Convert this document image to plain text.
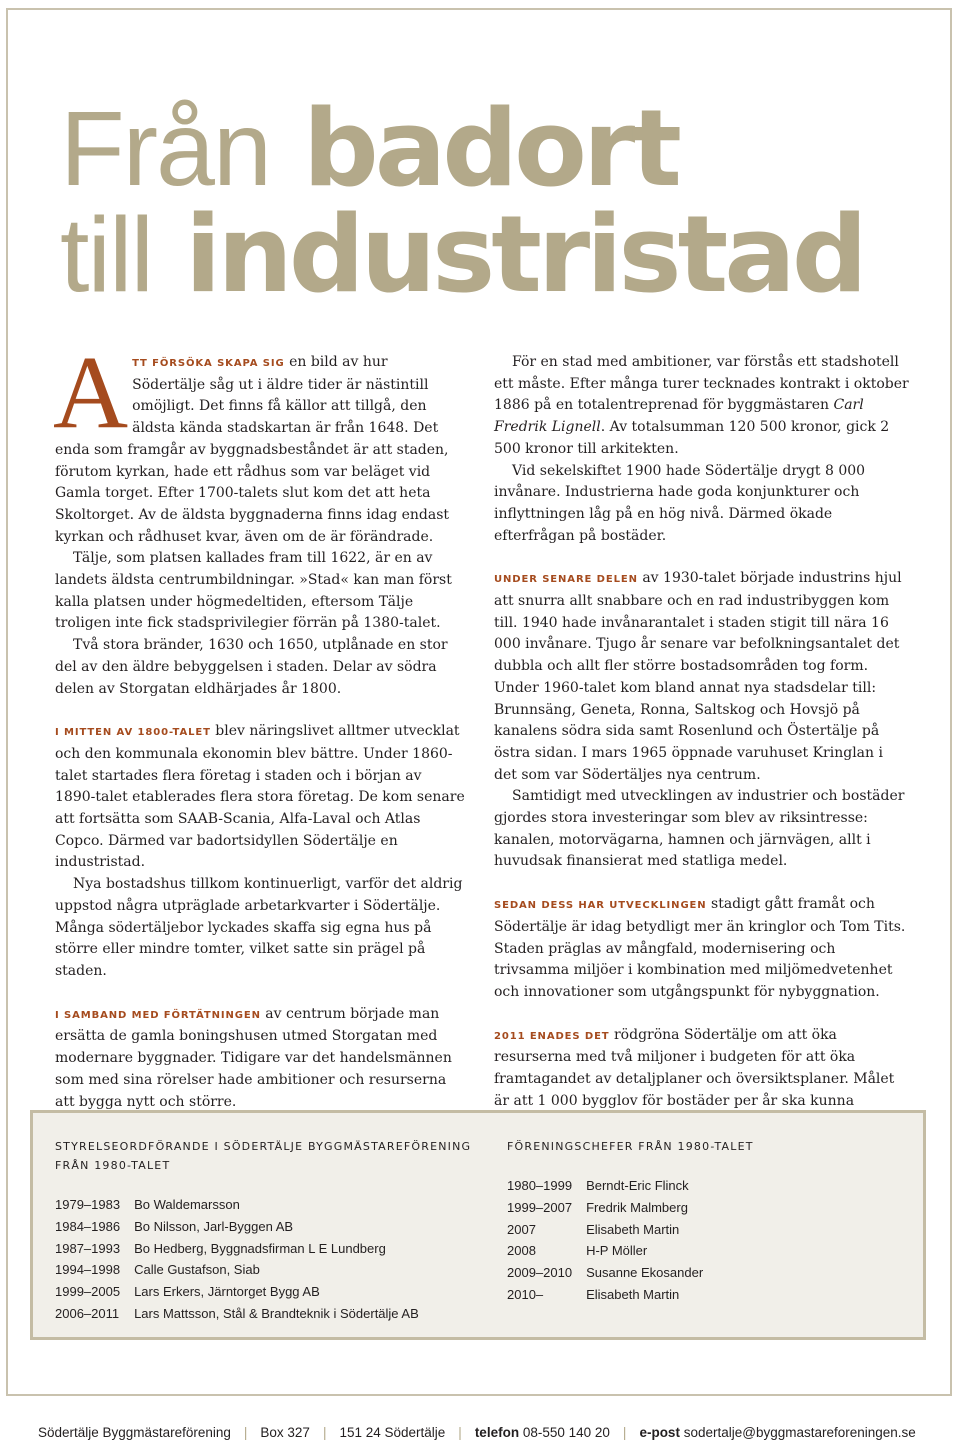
Från badort
till industristad

ATT FÖRSÖKA SKAPA SIG en bild av hur Södertälje såg ut i äldre tider är nästintill omöjligt. Det finns få källor att tillgå, den äldsta kända stadskartan är från 1648. Det enda som framgår av byggnadsbeståndet är att staden, förutom kyrkan, hade ett rådhus som var beläget vid Gamla torget. Efter 1700-talets slut kom det att heta Skoltorget. Av de äldsta byggnaderna finns idag endast kyrkan och rådhuset kvar, även om de är förändrade.

Tälje, som platsen kallades fram till 1622, är en av landets äldsta centrumbildningar. »Stad« kan man först kalla platsen under högmedeltiden, eftersom Tälje troligen inte fick stadsprivilegier förrän på 1380-talet.

Två stora bränder, 1630 och 1650, utplånade en stor del av den äldre bebyggelsen i staden. Delar av södra delen av Storgatan eldhärjades år 1800.

I MITTEN AV 1800-TALET blev näringslivet alltmer utvecklat och den kommunala ekonomin blev bättre. Under 1860-talet startades flera företag i staden och i början av 1890-talet etablerades flera stora företag. De kom senare att fortsätta som SAAB-Scania, Alfa-Laval och Atlas Copco. Därmed var badortsidyllen Södertälje en industristad.

Nya bostadshus tillkom kontinuerligt, varför det aldrig uppstod några utpräglade arbetarkvarter i Södertälje. Många södertäljebor lyckades skaffa sig egna hus på större eller mindre tomter, vilket satte sin prägel på staden.

I SAMBAND MED FÖRTÄTNINGEN av centrum började man ersätta de gamla boningshusen utmed Storgatan med modernare byggnader. Tidigare var det handelsmännen som med sina rörelser hade ambitioner och resurserna att bygga nytt och större.

För en stad med ambitioner, var förstås ett stadshotell ett måste. Efter många turer tecknades kontrakt i oktober 1886 på en totalentreprenad för byggmästaren Carl Fredrik Lignell. Av totalsumman 120 500 kronor, gick 2 500 kronor till arkitekten.

Vid sekelskiftet 1900 hade Södertälje drygt 8 000 invånare. Industrierna hade goda konjunkturer och inflyttningen låg på en hög nivå. Därmed ökade efterfrågan på bostäder.

UNDER SENARE DELEN av 1930-talet började industrins hjul att snurra allt snabbare och en rad industribyggen kom till. 1940 hade invånarantalet i staden stigit till nära 16 000 invånare. Tjugo år senare var befolkningsantalet det dubbla och allt fler större bostadsområden tog form. Under 1960-talet kom bland annat nya stadsdelar till: Brunnsäng, Geneta, Ronna, Saltskog och Hovsjö på kanalens södra sida samt Rosenlund och Östertälje på östra sidan. I mars 1965 öppnade varuhuset Kringlan i det som var Södertäljes nya centrum.

Samtidigt med utvecklingen av industrier och bostäder gjordes stora investeringar som blev av riksintresse: kanalen, motorvägarna, hamnen och järnvägen, allt i huvudsak finansierat med statliga medel.

SEDAN DESS HAR UTVECKLINGEN stadigt gått framåt och Södertälje är idag betydligt mer än kringlor och Tom Tits. Staden präglas av mångfald, modernisering och trivsamma miljöer i kombination med miljömedvetenhet och innovationer som utgångspunkt för nybyggnation.

2011 ENADES DET rödgröna Södertälje om att öka resurserna med två miljoner i budgeten för att öka framtagandet av detaljplaner och översiktsplaner. Målet är att 1 000 bygglov för bostäder per år ska kunna

STYRELSEORDFÖRANDE I SÖDERTÄLJE BYGGMÄSTAREFÖRENING FRÅN 1980-TALET
1979–1983	Bo Waldemarsson
1984–1986	Bo Nilsson, Jarl-Byggen AB
1987–1993	Bo Hedberg, Byggnadsfirman L E Lundberg
1994–1998	Calle Gustafson, Siab
1999–2005	Lars Erkers, Järntorget Bygg AB
2006–2011	Lars Mattsson, Stål & Brandteknik i Södertälje AB
FÖRENINGSCHEFER FRÅN 1980-TALET
1980–1999	Berndt-Eric Flinck
1999–2007	Fredrik Malmberg
2007	Elisabeth Martin
2008	H-P Möller
2009–2010	Susanne Ekosander
2010–	Elisabeth Martin
Södertälje Byggmästareförening | Box 327 | 151 24 Södertälje | telefon 08-550 140 20 | e-post sodertalje@byggmastareforeningen.se
